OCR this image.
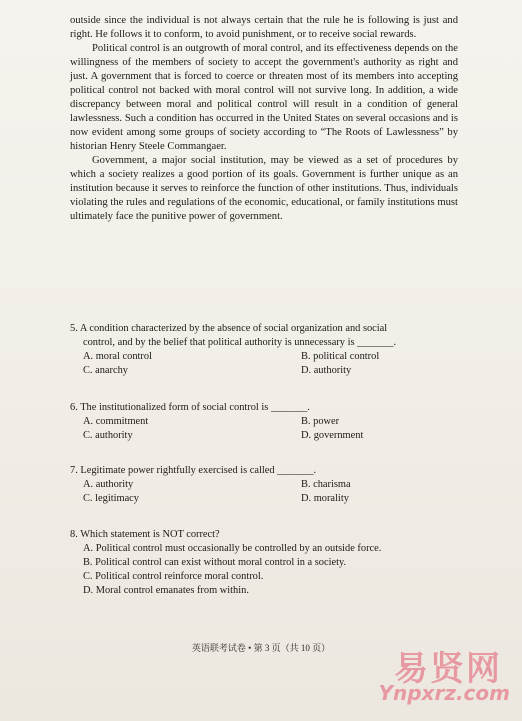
outside since the individual is not always certain that the rule he is following is just and right. He follows it to conform, to avoid punishment, or to receive social rewards.

Political control is an outgrowth of moral control, and its effectiveness depends on the willingness of the members of society to accept the government's authority as right and just. A government that is forced to coerce or threaten most of its members into accepting political control not backed with moral control will not survive long. In addition, a wide discrepancy between moral and political control will result in a condition of general lawlessness. Such a condition has occurred in the United States on several occasions and is now evident among some groups of society according to “The Roots of Lawlessness” by historian Henry Steele Commangaer.

Government, a major social institution, may be viewed as a set of procedures by which a society realizes a good portion of its goals. Government is further unique as an institution because it serves to reinforce the function of other institutions. Thus, individuals violating the rules and regulations of the economic, educational, or family institutions must ultimately face the punitive power of government.

5. A condition characterized by the absence of social organization and social
control, and by the belief that political authority is unnecessary is _______.

A. moral control	B. political control
C. anarchy	D. authority

6. The institutionalized form of social control is _______.

A. commitment	B. power
C. authority	D. government

7. Legitimate power rightfully exercised is called _______.

A. authority	B. charisma
C. legitimacy	D. morality

8. Which statement is NOT correct?

A. Political control must occasionally be controlled by an outside force.
B. Political control can exist without moral control in a society.
C. Political control reinforce moral control.
D. Moral control emanates from within.
英语联考试卷 • 第 3 页（共 10 页）
易贤网
Ynpxrz.com
